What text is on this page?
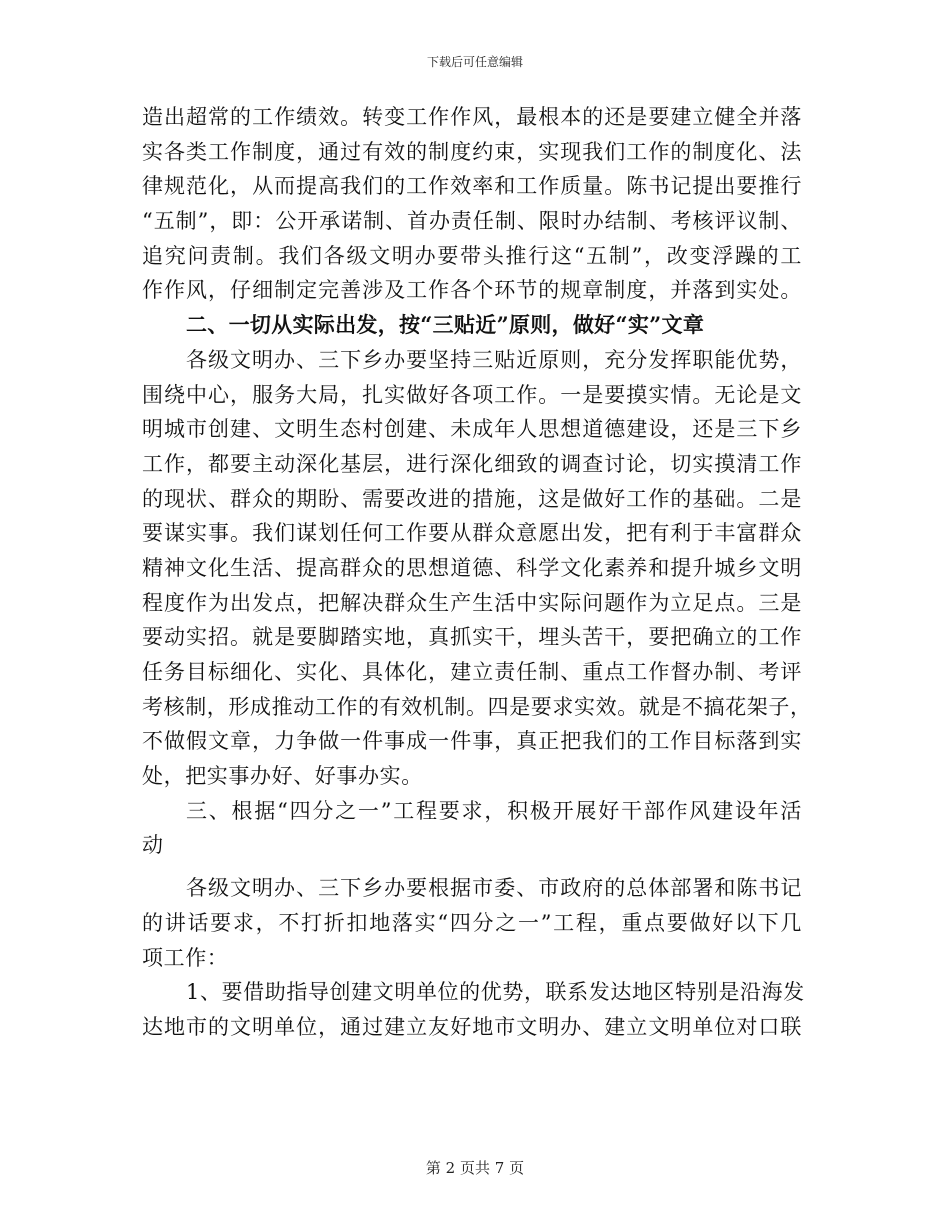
下载后可任意编辑
造出超常的工作绩效。转变工作作风，最根本的还是要建立健全并落
实各类工作制度，通过有效的制度约束，实现我们工作的制度化、法
律规范化，从而提高我们的工作效率和工作质量。陈书记提出要推行
“五制”，即：公开承诺制、首办责任制、限时办结制、考核评议制、
追究问责制。我们各级文明办要带头推行这“五制”，改变浮躁的工
作作风，仔细制定完善涉及工作各个环节的规章制度，并落到实处。
二、一切从实际出发，按“三贴近”原则，做好“实”文章
各级文明办、三下乡办要坚持三贴近原则，充分发挥职能优势，
围绕中心，服务大局，扎实做好各项工作。一是要摸实情。无论是文
明城市创建、文明生态村创建、未成年人思想道德建设，还是三下乡
工作，都要主动深化基层，进行深化细致的调查讨论，切实摸清工作
的现状、群众的期盼、需要改进的措施，这是做好工作的基础。二是
要谋实事。我们谋划任何工作要从群众意愿出发，把有利于丰富群众
精神文化生活、提高群众的思想道德、科学文化素养和提升城乡文明
程度作为出发点，把解决群众生产生活中实际问题作为立足点。三是
要动实招。就是要脚踏实地，真抓实干，埋头苦干，要把确立的工作
任务目标细化、实化、具体化，建立责任制、重点工作督办制、考评
考核制，形成推动工作的有效机制。四是要求实效。就是不搞花架子，
不做假文章，力争做一件事成一件事，真正把我们的工作目标落到实
处，把实事办好、好事办实。
三、根据“四分之一”工程要求，积极开展好干部作风建设年活
动
各级文明办、三下乡办要根据市委、市政府的总体部署和陈书记
的讲话要求，不打折扣地落实“四分之一”工程，重点要做好以下几
项工作：
1、要借助指导创建文明单位的优势，联系发达地区特别是沿海发
达地市的文明单位，通过建立友好地市文明办、建立文明单位对口联
第 2 页共 7 页
